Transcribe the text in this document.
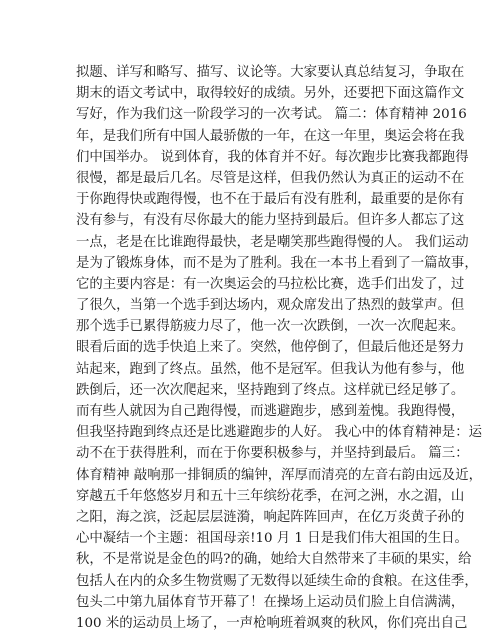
拟题、详写和略写、描写、议论等。大家要认真总结复习，争取在
期末的语文考试中，取得较好的成绩。另外，还要把下面这篇作文
写好，作为我们这一阶段学习的一次考试。 篇二：体育精神 2016
年，是我们所有中国人最骄傲的一年，在这一年里，奥运会将在我
们中国举办。 说到体育，我的体育并不好。每次跑步比赛我都跑得
很慢，都是最后几名。尽管是这样，但我仍然认为真正的运动不在
于你跑得快或跑得慢，也不在于最后有没有胜利，最重要的是你有
没有参与，有没有尽你最大的能力坚持到最后。但许多人都忘了这
一点，老是在比谁跑得最快，老是嘲笑那些跑得慢的人。 我们运动
是为了锻炼身体，而不是为了胜利。我在一本书上看到了一篇故事，
它的主要内容是：有一次奥运会的马拉松比赛，选手们出发了，过
了很久，当第一个选手到达场内，观众席发出了热烈的鼓掌声。但
那个选手已累得筋疲力尽了，他一次一次跌倒，一次一次爬起来。
眼看后面的选手快追上来了。突然，他停倒了，但最后他还是努力
站起来，跑到了终点。虽然，他不是冠军。但我认为他有参与，他
跌倒后，还一次次爬起来，坚持跑到了终点。这样就已经足够了。
而有些人就因为自己跑得慢，而逃避跑步，感到羞愧。我跑得慢，
但我坚持跑到终点还是比逃避跑步的人好。 我心中的体育精神是：运
动不在于获得胜利，而在于你要积极参与，并坚持到最后。 篇三：
体育精神 敲响那一排铜质的编钟，浑厚而清亮的左音右韵由远及近，
穿越五千年悠悠岁月和五十三年缤纷花季，在河之洲，水之湄，山
之阳，海之滨，泛起层层涟漪，响起阵阵回声，在亿万炎黄子孙的
心中凝结一个主题：祖国母亲!10 月 1 日是我们伟大祖国的生日。
秋，不是常说是金色的吗?的确，她给大自然带来了丰硕的果实，给
包括人在内的众多生物赏赐了无数得以延续生命的食粮。在这佳季，
包头二中第九届体育节开幕了！在操场上运动员们脸上自信满满，
100 米的运动员上场了，一声枪响班着飒爽的秋风，你们亮出自己
